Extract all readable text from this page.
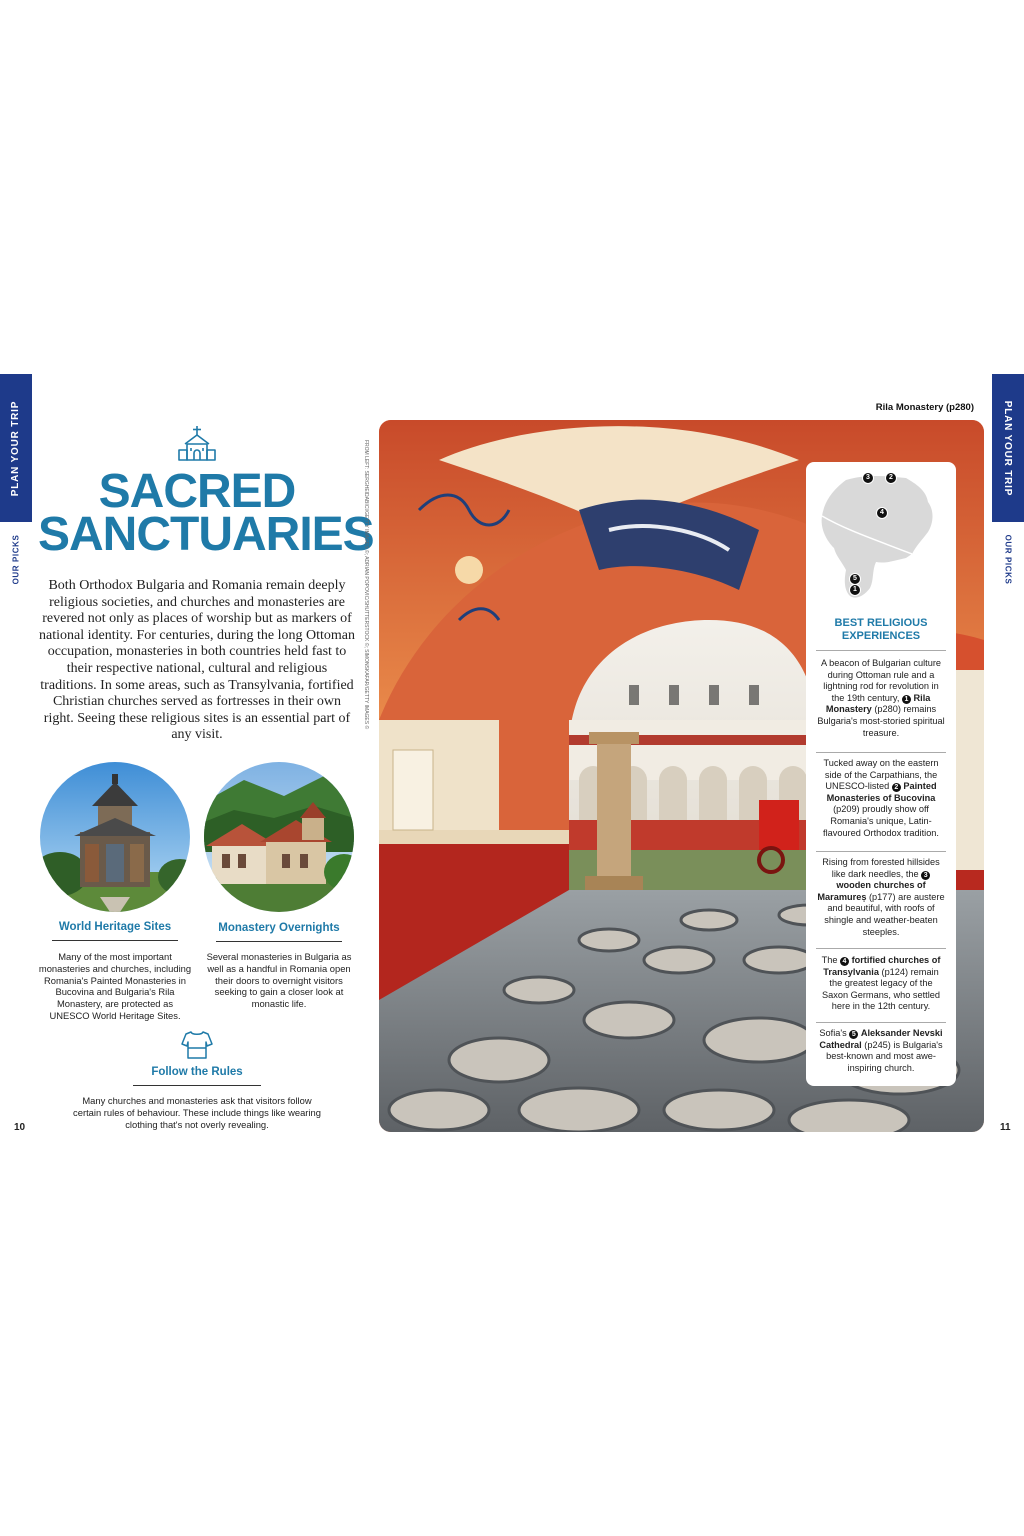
PLAN YOUR TRIP
OUR PICKS
PLAN YOUR TRIP
OUR PICKS
10	11
SACRED
SANCTUARIES
Both Orthodox Bulgaria and Romania remain deeply religious societies, and churches and monasteries are revered not only as places of worship but as markers of national identity. For centuries, during the long Ottoman occupation, monasteries in both countries held fast to their respective national, cultural and religious traditions. In some areas, such as Transylvania, fortified Christian churches served as fortresses in their own right. Seeing these religious sites is an essential part of any visit.
World Heritage Sites
Many of the most important monasteries and churches, including Romania's Painted Monasteries in Bucovina and Bulgaria's Rila Monastery, are protected as UNESCO World Heritage Sites.
Monastery Overnights
Several monasteries in Bulgaria as well as a handful in Romania open their doors to overnight visitors seeking to gain a closer look at monastic life.
Follow the Rules
Many churches and monasteries ask that visitors follow certain rules of behaviour. These include things like wearing clothing that's not overly revealing.
FROM LEFT: SERGHEIDABICI/GETTY IMAGES ©; ADRIAN POPOVIC/SHUTTERSTOCK ©; SIMONSKAFAR/GETTY IMAGES ©
Rila Monastery (p280)
3	2
4
5
1
BEST RELIGIOUS
EXPERIENCES
A beacon of Bulgarian culture during Ottoman rule and a lightning rod for revolution in the 19th century, 1 Rila Monastery (p280) remains Bulgaria's most-storied spiritual treasure.
Tucked away on the eastern side of the Carpathians, the UNESCO-listed 2 Painted Monasteries of Bucovina (p209) proudly show off Romania's unique, Latin-flavoured Orthodox tradition.
Rising from forested hillsides like dark needles, the 3 wooden churches of Maramureș (p177) are austere and beautiful, with roofs of shingle and weather-beaten steeples.
The 4 fortified churches of Transylvania (p124) remain the greatest legacy of the Saxon Germans, who settled here in the 12th century.
Sofia's 5 Aleksander Nevski Cathedral (p245) is Bulgaria's best-known and most awe-inspiring church.
